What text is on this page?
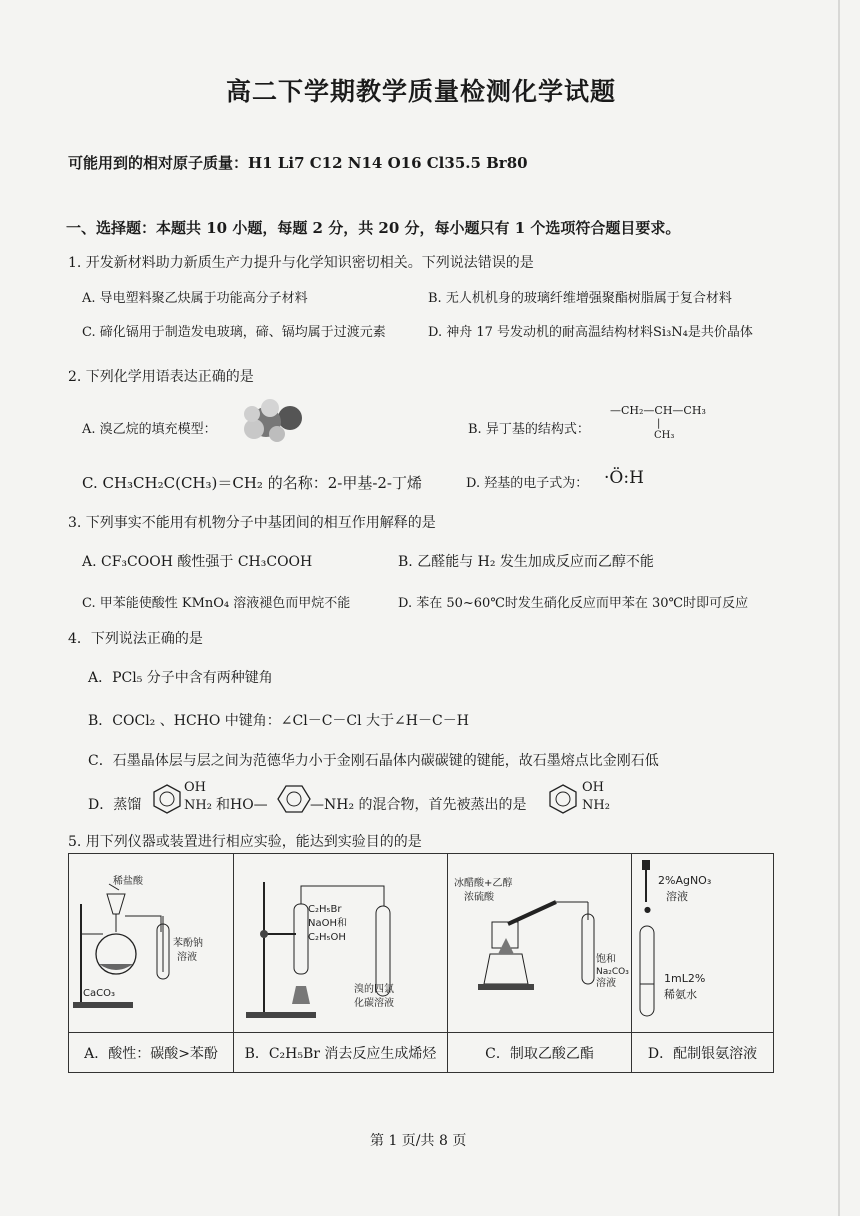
高二下学期教学质量检测化学试题
可能用到的相对原子质量：H1 Li7 C12 N14 O16 Cl35.5 Br80
一、选择题：本题共 10 小题，每题 2 分，共 20 分，每小题只有 1 个选项符合题目要求。
1. 开发新材料助力新质生产力提升与化学知识密切相关。下列说法错误的是
A. 导电塑料聚乙炔属于功能高分子材料	B. 无人机机身的玻璃纤维增强聚酯树脂属于复合材料
C. 碲化镉用于制造发电玻璃，碲、镉均属于过渡元素	D. 神舟 17 号发动机的耐高温结构材料Si₃N₄是共价晶体
2. 下列化学用语表达正确的是
A. 溴乙烷的填充模型：	B. 异丁基的结构式：
—CH₂—CH—CH₃
|
CH₃
C. CH₃CH₂C(CH₃)＝CH₂ 的名称：2-甲基-2-丁烯	D. 羟基的电子式为： ·Ö:H
3. 下列事实不能用有机物分子中基团间的相互作用解释的是
A. CF₃COOH 酸性强于 CH₃COOH	B. 乙醛能与 H₂ 发生加成反应而乙醇不能
C. 甲苯能使酸性 KMnO₄ 溶液褪色而甲烷不能	D. 苯在 50~60℃时发生硝化反应而甲苯在 30℃时即可反应
4．下列说法正确的是
A．PCl₅ 分子中含有两种键角
B．COCl₂ 、HCHO 中键角：∠Cl－C－Cl 大于∠H－C－H
C．石墨晶体层与层之间为范德华力小于金刚石晶体内碳碳键的键能，故石墨熔点比金刚石低
D．蒸馏
OH
NH₂ 和HO—	—NH₂ 的混合物，首先被蒸出的是
OH
NH₂
5. 用下列仪器或装置进行相应实验，能达到实验目的的是
稀盐酸
苯酚钠
溶液
CaCO₃	C₂H₅Br
NaOH和
C₂H₅OH
溴的四氯
化碳溶液	冰醋酸+乙醇
浓硫酸
饱和
Na₂CO₃
溶液	2%AgNO₃
溶液
●
1mL2%
稀氨水

A．酸性：碳酸>苯酚	B．C₂H₅Br 消去反应生成烯烃	C．制取乙酸乙酯	D．配制银氨溶液
第 1 页/共 8 页
